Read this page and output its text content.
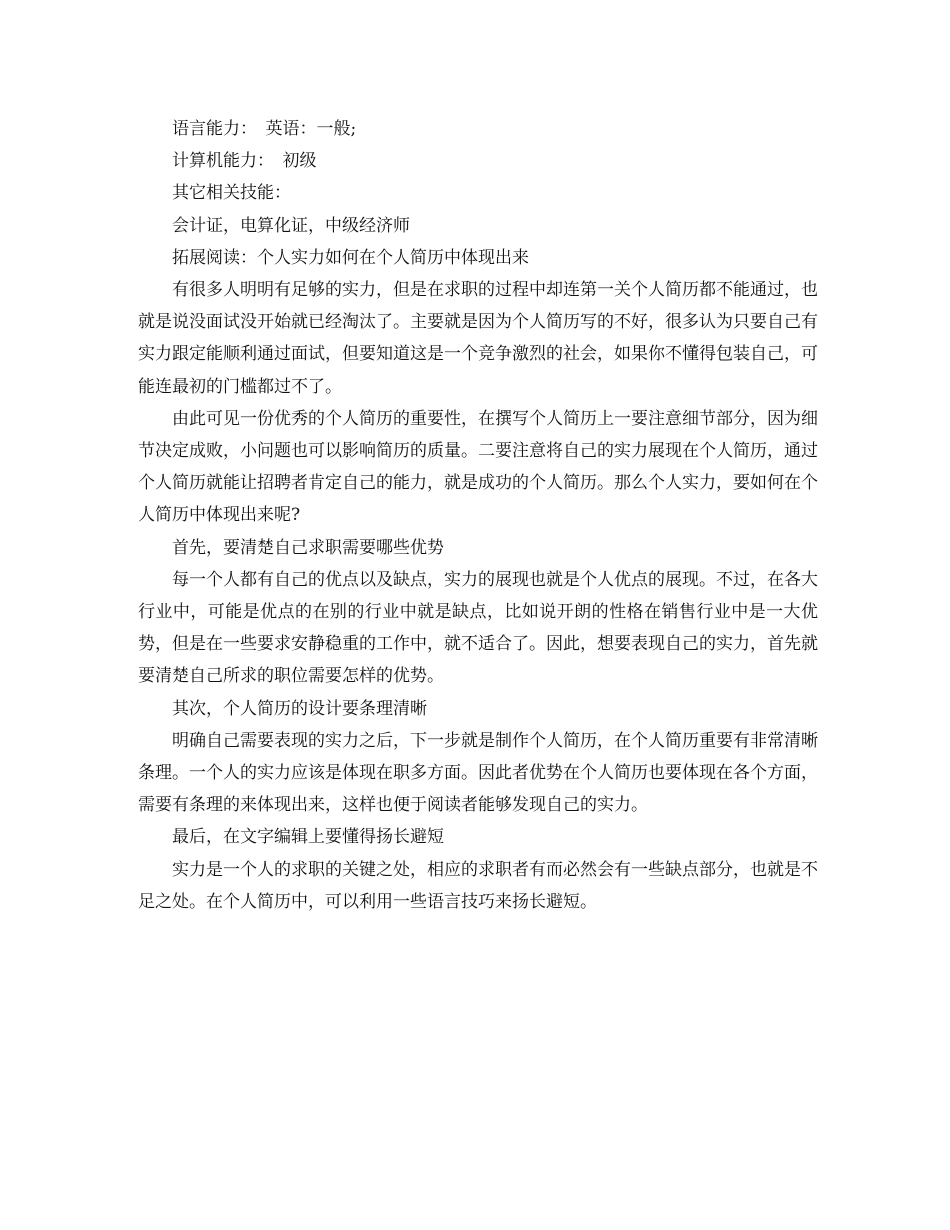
语言能力：　英语：一般;

计算机能力：　初级

其它相关技能：

会计证，电算化证，中级经济师

拓展阅读：个人实力如何在个人简历中体现出来

有很多人明明有足够的实力，但是在求职的过程中却连第一关个人简历都不能通过，也就是说没面试没开始就已经淘汰了。主要就是因为个人简历写的不好，很多认为只要自己有实力跟定能顺利通过面试，但要知道这是一个竞争激烈的社会，如果你不懂得包装自己，可能连最初的门槛都过不了。

由此可见一份优秀的个人简历的重要性，在撰写个人简历上一要注意细节部分，因为细节决定成败，小问题也可以影响简历的质量。二要注意将自己的实力展现在个人简历，通过个人简历就能让招聘者肯定自己的能力，就是成功的个人简历。那么个人实力，要如何在个人简历中体现出来呢?

首先，要清楚自己求职需要哪些优势

每一个人都有自己的优点以及缺点，实力的展现也就是个人优点的展现。不过，在各大行业中，可能是优点的在别的行业中就是缺点，比如说开朗的性格在销售行业中是一大优势，但是在一些要求安静稳重的工作中，就不适合了。因此，想要表现自己的实力，首先就要清楚自己所求的职位需要怎样的优势。

其次，个人简历的设计要条理清晰

明确自己需要表现的实力之后，下一步就是制作个人简历，在个人简历重要有非常清晰条理。一个人的实力应该是体现在职多方面。因此者优势在个人简历也要体现在各个方面，需要有条理的来体现出来，这样也便于阅读者能够发现自己的实力。

最后，在文字编辑上要懂得扬长避短

实力是一个人的求职的关键之处，相应的求职者有而必然会有一些缺点部分，也就是不足之处。在个人简历中，可以利用一些语言技巧来扬长避短。
